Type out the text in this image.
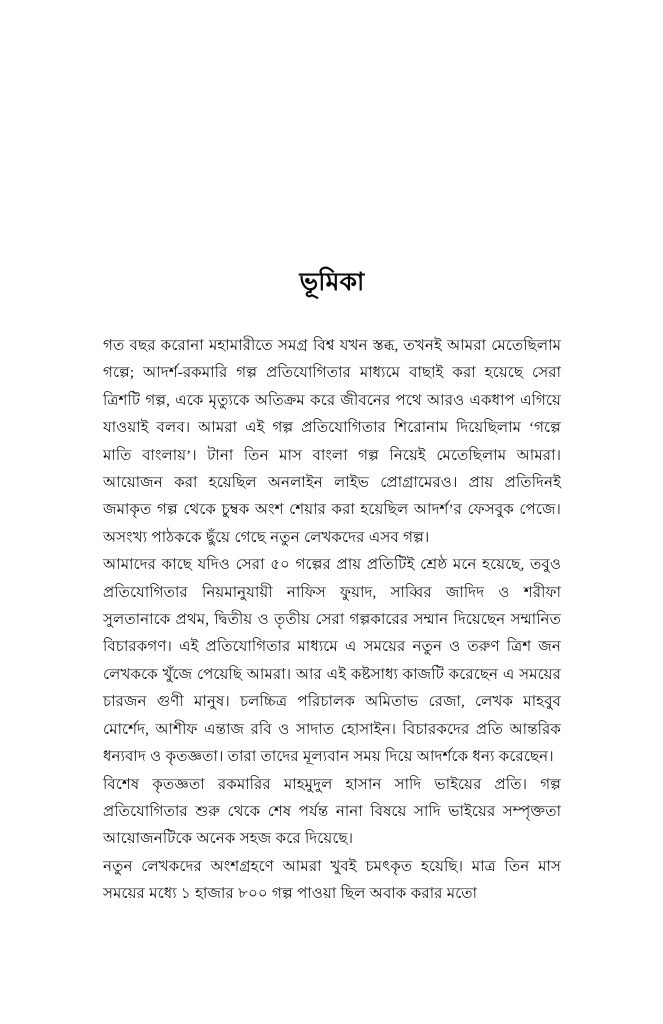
ভূমিকা

গত বছর করোনা মহামারীতে সমগ্র বিশ্ব যখন স্তব্ধ, তখনই আমরা মেতেছিলাম গল্পে; আদর্শ-রকমারি গল্প প্রতিযোগিতার মাধ্যমে বাছাই করা হয়েছে সেরা ত্রিশটি গল্প, একে মৃত্যুকে অতিক্রম করে জীবনের পথে আরও একধাপ এগিয়ে যাওয়াই বলব। আমরা এই গল্প প্রতিযোগিতার শিরোনাম দিয়েছিলাম ‘গল্পে মাতি বাংলায়’। টানা তিন মাস বাংলা গল্প নিয়েই মেতেছিলাম আমরা। আয়োজন করা হয়েছিল অনলাইন লাইভ প্রোগ্রামেরও। প্রায় প্রতিদিনই জমাকৃত গল্প থেকে চুম্বক অংশ শেয়ার করা হয়েছিল আদর্শ’র ফেসবুক পেজে। অসংখ্য পাঠককে ছুঁয়ে গেছে নতুন লেখকদের এসব গল্প।

আমাদের কাছে যদিও সেরা ৫০ গল্পের প্রায় প্রতিটিই শ্রেষ্ঠ মনে হয়েছে, তবুও প্রতিযোগিতার নিয়মানুযায়ী নাফিস ফুয়াদ, সাব্বির জাদিদ ও শরীফা সুলতানাকে প্রথম, দ্বিতীয় ও তৃতীয় সেরা গল্পকারের সম্মান দিয়েছেন সম্মানিত বিচারকগণ। এই প্রতিযোগিতার মাধ্যমে এ সময়ের নতুন ও তরুণ ত্রিশ জন লেখককে খুঁজে পেয়েছি আমরা। আর এই কষ্টসাধ্য কাজটি করেছেন এ সময়ের চারজন গুণী মানুষ। চলচ্চিত্র পরিচালক অমিতাভ রেজা, লেখক মাহবুব মোর্শেদ, আশীফ এন্তাজ রবি ও সাদাত হোসাইন। বিচারকদের প্রতি আন্তরিক ধন্যবাদ ও কৃতজ্ঞতা। তারা তাদের মূল্যবান সময় দিয়ে আদর্শকে ধন্য করেছেন।

বিশেষ কৃতজ্ঞতা রকমারির মাহমুদুল হাসান সাদি ভাইয়ের প্রতি। গল্প প্রতিযোগিতার শুরু থেকে শেষ পর্যন্ত নানা বিষয়ে সাদি ভাইয়ের সম্পৃক্ততা আয়োজনটিকে অনেক সহজ করে দিয়েছে।

নতুন লেখকদের অংশগ্রহণে আমরা খুবই চমৎকৃত হয়েছি। মাত্র তিন মাস সময়ের মধ্যে ১ হাজার ৮০০ গল্প পাওয়া ছিল অবাক করার মতো
